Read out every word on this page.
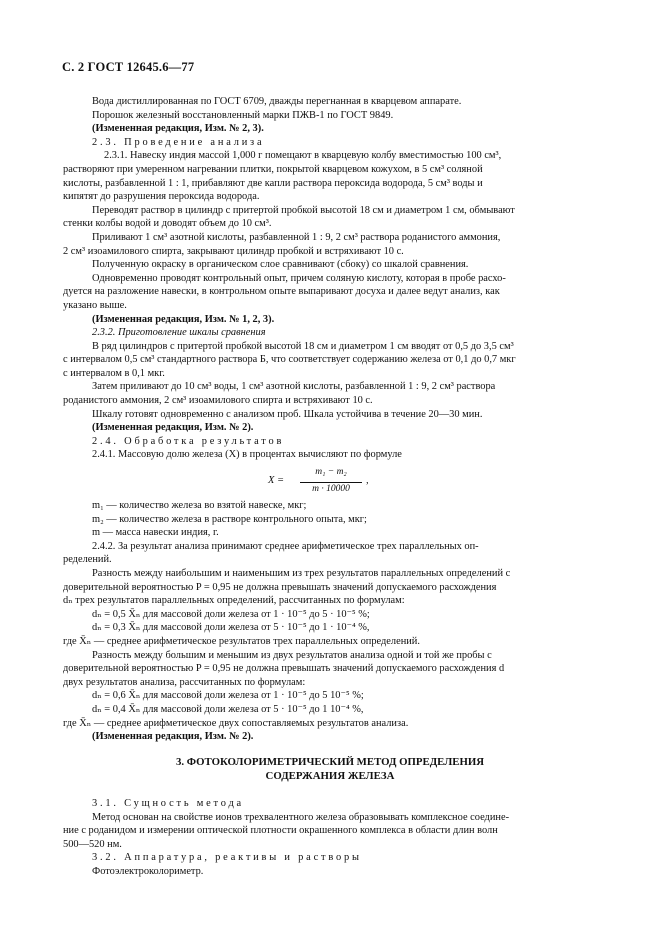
С. 2 ГОСТ 12645.6—77
Вода дистиллированная по ГОСТ 6709, дважды перегнанная в кварцевом аппарате.
Порошок железный восстановленный марки ПЖВ-1 по ГОСТ 9849.
(Измененная редакция, Изм. № 2, 3).
2.3. Проведение анализа
2.3.1. Навеску индия массой 1,000 г помещают в кварцевую колбу вместимостью 100 см³,
растворяют при умеренном нагревании плитки, покрытой кварцевом кожухом, в 5 см³ соляной
кислоты, разбавленной 1 : 1, прибавляют две капли раствора пероксида водорода, 5 см³ воды и
кипятят до разрушения пероксида водорода.
Переводят раствор в цилиндр с притертой пробкой высотой 18 см и диаметром 1 см, обмывают
стенки колбы водой и доводят объем до 10 см³.
Приливают 1 см³ азотной кислоты, разбавленной 1 : 9, 2 см³ раствора роданистого аммония,
2 см³ изоамилового спирта, закрывают цилиндр пробкой и встряхивают 10 с.
Полученную окраску в органическом слое сравнивают (сбоку) со шкалой сравнения.
Одновременно проводят контрольный опыт, причем соляную кислоту, которая в пробе расхо-
дуется на разложение навески, в контрольном опыте выпаривают досуха и далее ведут анализ, как
указано выше.
(Измененная редакция, Изм. № 1, 2, 3).
2.3.2. Приготовление шкалы сравнения
В ряд цилиндров с притертой пробкой высотой 18 см и диаметром 1 см вводят от 0,5 до 3,5 см³
с интервалом 0,5 см³ стандартного раствора Б, что соответствует содержанию железа от 0,1 до 0,7 мкг
с интервалом в 0,1 мкг.
Затем приливают до 10 см³ воды, 1 см³ азотной кислоты, разбавленной 1 : 9, 2 см³ раствора
роданистого аммония, 2 см³ изоамилового спирта и встряхивают 10 с.
Шкалу готовят одновременно с анализом проб. Шкала устойчива в течение 20—30 мин.
(Измененная редакция, Изм. № 2).
2.4. Обработка результатов
2.4.1. Массовую долю железа (X) в процентах вычисляют по формуле
X =
m₁ − m₂
m · 10000
,
m₁ — количество железа во взятой навеске, мкг;
m₂ — количество железа в растворе контрольного опыта, мкг;
m — масса навески индия, г.
2.4.2. За результат анализа принимают среднее арифметическое трех параллельных оп-
ределений.
Разность между наибольшим и наименьшим из трех результатов параллельных определений с
доверительной вероятностью P = 0,95 не должна превышать значений допускаемого расхождения
dₙ трех результатов параллельных определений, рассчитанных по формулам:
dₙ = 0,5 X̄ₙ для массовой доли железа от 1 · 10⁻⁵ до 5 · 10⁻⁵ %;
dₙ = 0,3 X̄ₙ для массовой доли железа от 5 · 10⁻⁵ до 1 · 10⁻⁴ %,
где X̄ₙ — среднее арифметическое результатов трех параллельных определений.
Разность между большим и меньшим из двух результатов анализа одной и той же пробы с
доверительной вероятностью P = 0,95 не должна превышать значений допускаемого расхождения d
двух результатов анализа, рассчитанных по формулам:
dₙ = 0,6 X̄ₙ для массовой доли железа от 1 · 10⁻⁵ до 5 10⁻⁵ %;
dₙ = 0,4 X̄ₙ для массовой доли железа от 5 · 10⁻⁵ до 1 10⁻⁴ %,
где X̄ₙ — среднее арифметическое двух сопоставляемых результатов анализа.
(Измененная редакция, Изм. № 2).
3. ФОТОКОЛОРИМЕТРИЧЕСКИЙ МЕТОД ОПРЕДЕЛЕНИЯ
СОДЕРЖАНИЯ ЖЕЛЕЗА
3.1. Сущность метода
Метод основан на свойстве ионов трехвалентного железа образовывать комплексное соедине-
ние с роданидом и измерении оптической плотности окрашенного комплекса в области длин волн
500—520 нм.
3.2. Аппаратура, реактивы и растворы
Фотоэлектроколориметр.
